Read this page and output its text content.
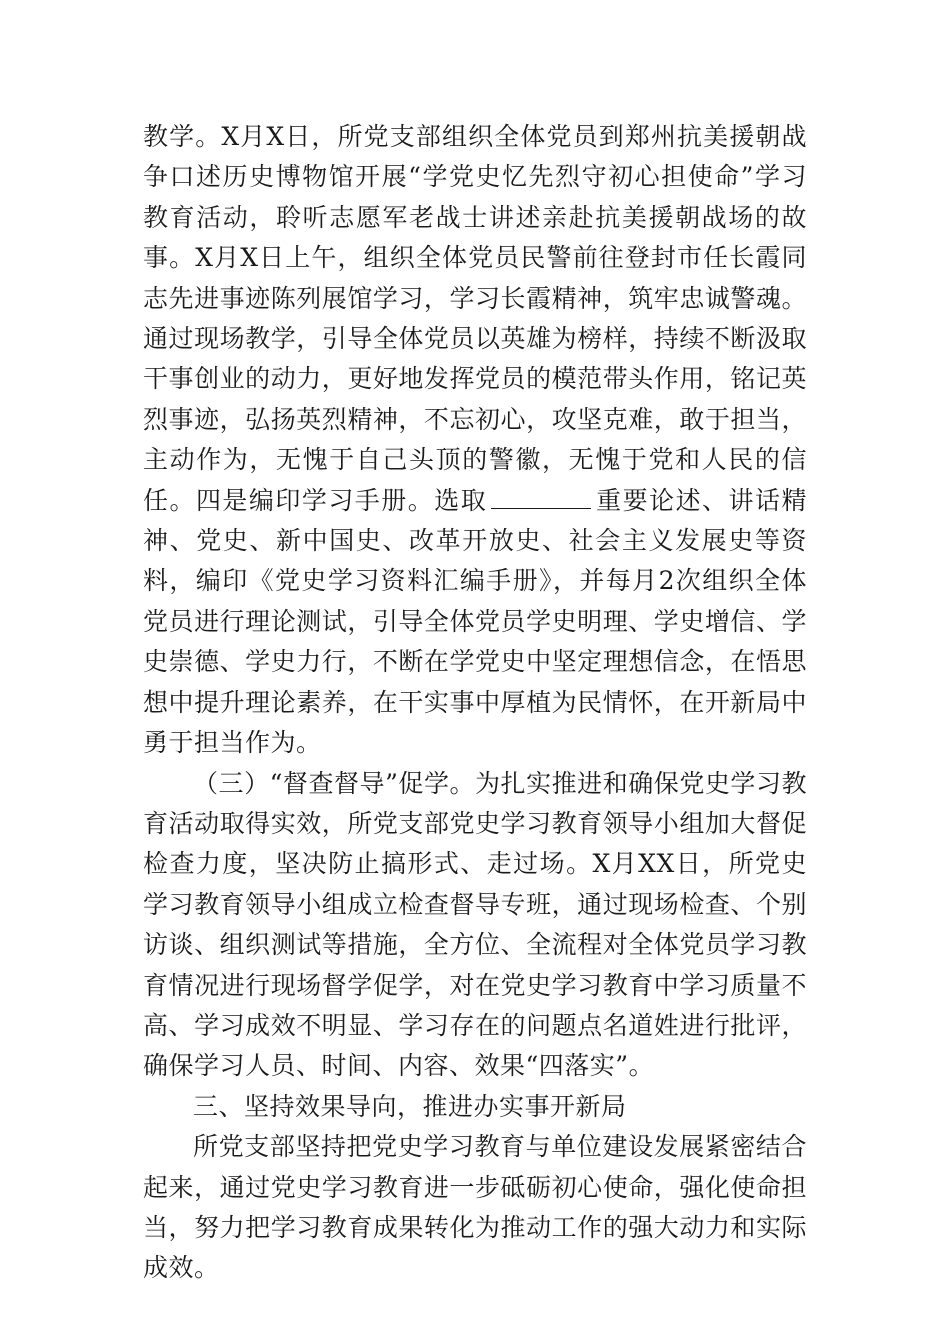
教学。X月X日，所党支部组织全体党员到郑州抗美援朝战争口述历史博物馆开展“学党史忆先烈守初心担使命”学习教育活动，聆听志愿军老战士讲述亲赴抗美援朝战场的故事。X月X日上午，组织全体党员民警前往登封市任长霞同志先进事迹陈列展馆学习，学习长霞精神，筑牢忠诚警魂。通过现场教学，引导全体党员以英雄为榜样，持续不断汲取干事创业的动力，更好地发挥党员的模范带头作用，铭记英烈事迹，弘扬英烈精神，不忘初心，攻坚克难，敢于担当，主动作为，无愧于自己头顶的警徽，无愧于党和人民的信任。四是编印学习手册。选取	重要论述、讲话精神、党史、新中国史、改革开放史、社会主义发展史等资料，编印《党史学习资料汇编手册》，并每月2次组织全体党员进行理论测试，引导全体党员学史明理、学史增信、学史崇德、学史力行，不断在学党史中坚定理想信念，在悟思想中提升理论素养，在干实事中厚植为民情怀，在开新局中勇于担当作为。

（三）“督查督导”促学。为扎实推进和确保党史学习教育活动取得实效，所党支部党史学习教育领导小组加大督促检查力度，坚决防止搞形式、走过场。X月XX日，所党史学习教育领导小组成立检查督导专班，通过现场检查、个别访谈、组织测试等措施，全方位、全流程对全体党员学习教育情况进行现场督学促学，对在党史学习教育中学习质量不高、学习成效不明显、学习存在的问题点名道姓进行批评，确保学习人员、时间、内容、效果“四落实”。

三、坚持效果导向，推进办实事开新局

所党支部坚持把党史学习教育与单位建设发展紧密结合起来，通过党史学习教育进一步砥砺初心使命，强化使命担当，努力把学习教育成果转化为推动工作的强大动力和实际成效。
